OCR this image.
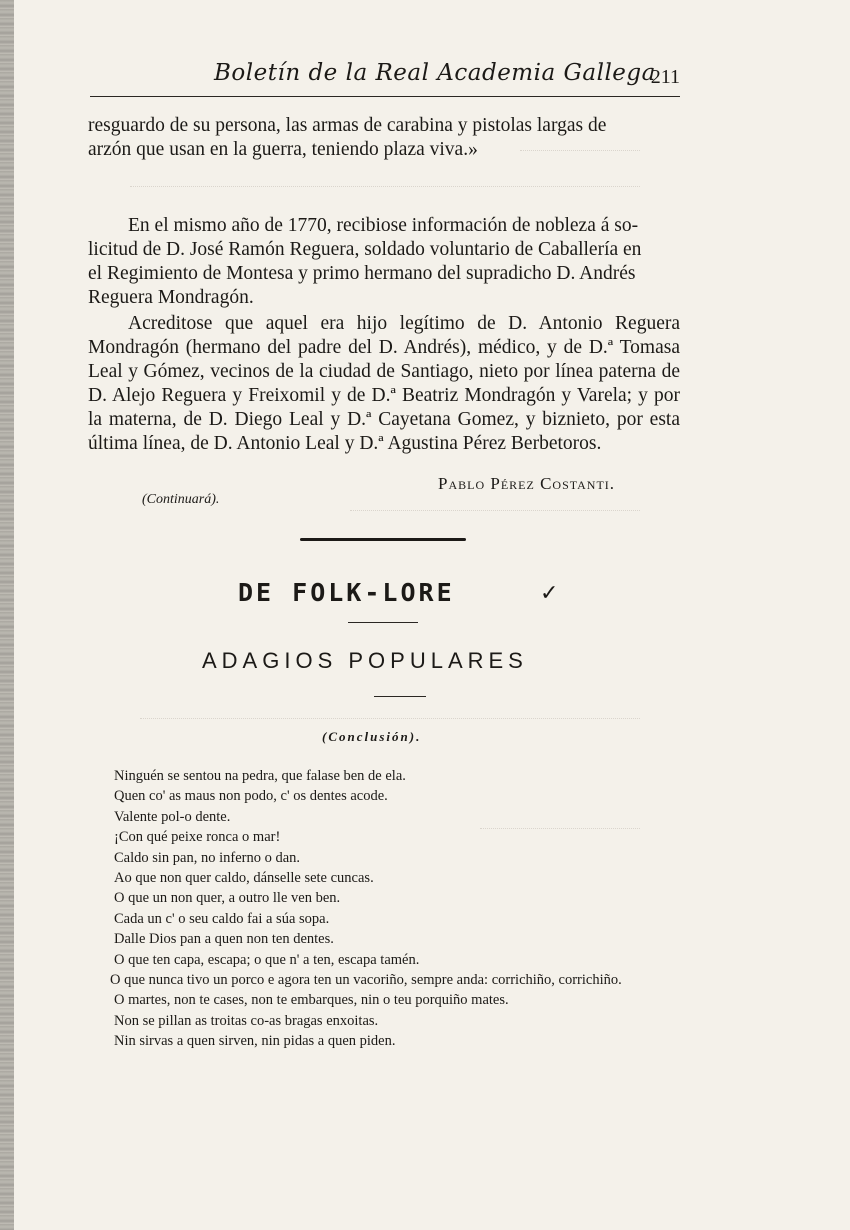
Boletín de la Real Academia Gallega
211
resguardo de su persona, las armas de carabina y pistolas largas de
arzón que usan en la guerra, teniendo plaza viva.»
En el mismo año de 1770, recibiose información de nobleza á so-
licitud de D. José Ramón Reguera, soldado voluntario de Caballería en
el Regimiento de Montesa y primo hermano del supradicho D. Andrés
Reguera Mondragón.
Acreditose que aquel era hijo legítimo de D. Antonio Reguera Mondragón (hermano del padre del D. Andrés), médico, y de D.ª Tomasa Leal y Gómez, vecinos de la ciudad de Santiago, nieto por línea paterna de D. Alejo Reguera y Freixomil y de D.ª Beatriz Mondragón y Varela; y por la materna, de D. Diego Leal y D.ª Cayetana Gomez, y biznieto, por esta última línea, de D. Antonio Leal y D.ª Agustina Pérez Berbetoros.
(Continuará).
Pablo Pérez Costanti.
DE FOLK-LORE	✓
ADAGIOS POPULARES
(Conclusión).
Ninguén se sentou na pedra, que falase ben de ela.
Quen co' as maus non podo, c' os dentes acode.
Valente pol-o dente.
¡Con qué peixe ronca o mar!
Caldo sin pan, no inferno o dan.
Ao que non quer caldo, dánselle sete cuncas.
O que un non quer, a outro lle ven ben.
Cada un c' o seu caldo fai a súa sopa.
Dalle Dios pan a quen non ten dentes.
O que ten capa, escapa; o que n' a ten, escapa tamén.
O que nunca tivo un porco e agora ten un vacoriño, sempre anda: corrichiño, corrichiño.
O martes, non te cases, non te embarques, nin o teu porquiño mates.
Non se pillan as troitas co-as bragas enxoitas.
Nin sirvas a quen sirven, nin pidas a quen piden.
